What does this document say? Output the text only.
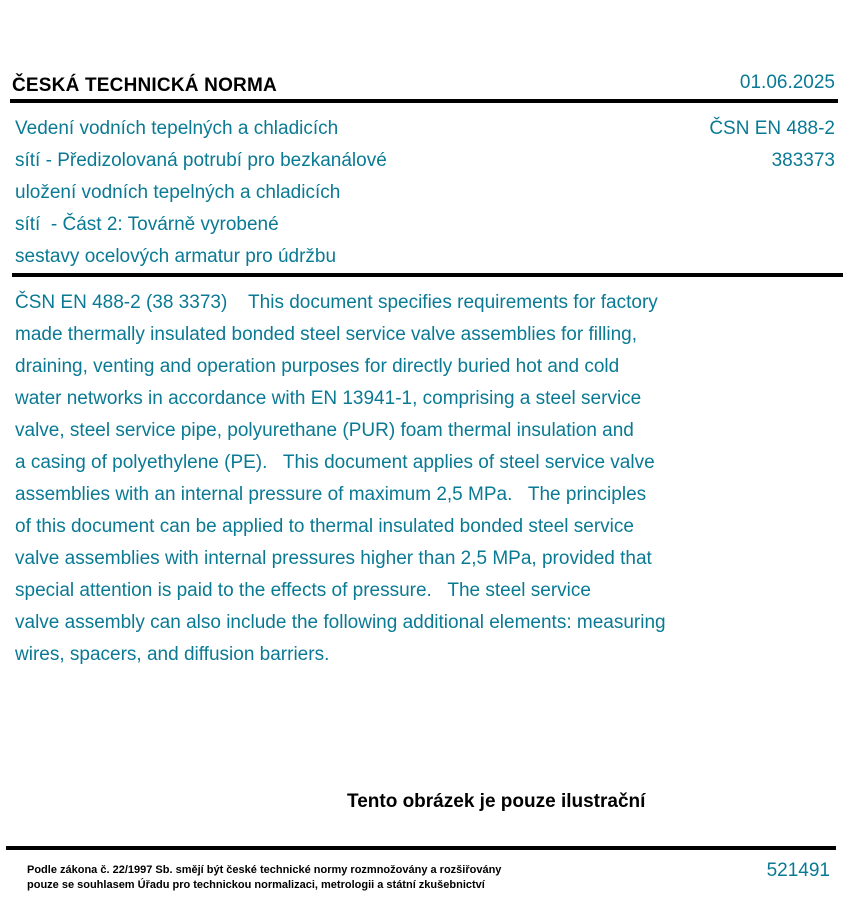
ČESKÁ TECHNICKÁ NORMA	01.06.2025
Vedení vodních tepelných a chladicích
sítí - Předizolovaná potrubí pro bezkanálové
uložení vodních tepelných a chladicích
sítí  - Část 2: Továrně vyrobené
sestavy ocelových armatur pro údržbu
ČSN EN 488-2
383373
ČSN EN 488-2 (38 3373)    This document specifies requirements for factory
made thermally insulated bonded steel service valve assemblies for filling,
draining, venting and operation purposes for directly buried hot and cold
water networks in accordance with EN 13941-1, comprising a steel service
valve, steel service pipe, polyurethane (PUR) foam thermal insulation and
a casing of polyethylene (PE).   This document applies of steel service valve
assemblies with an internal pressure of maximum 2,5 MPa.   The principles
of this document can be applied to thermal insulated bonded steel service
valve assemblies with internal pressures higher than 2,5 MPa, provided that
special attention is paid to the effects of pressure.   The steel service
valve assembly can also include the following additional elements: measuring
wires, spacers, and diffusion barriers.
Tento obrázek je pouze ilustrační
Podle zákona č. 22/1997 Sb. smějí být české technické normy rozmnožovány a rozšiřovány
pouze se souhlasem Úřadu pro technickou normalizaci, metrologii a státní zkušebnictví
521491
